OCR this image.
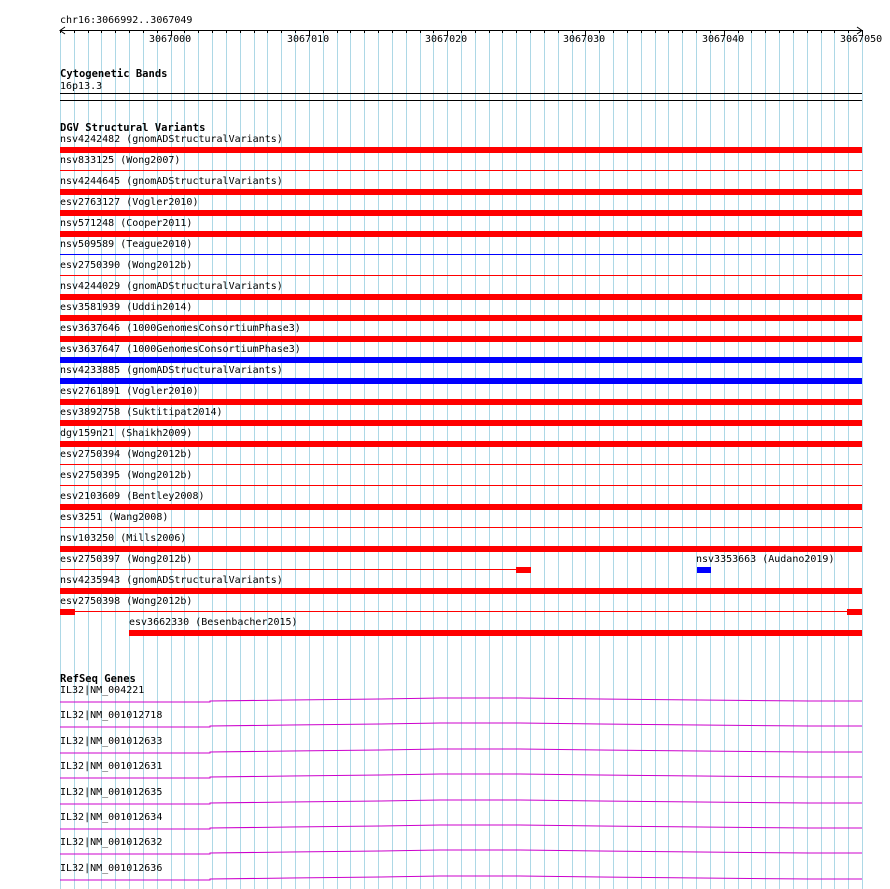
chr16:3066992..3067049
Cytogenetic Bands
16p13.3
DGV Structural Variants
nsv4242482 (gnomADStructuralVariants)
nsv833125 (Wong2007)
nsv4244645 (gnomADStructuralVariants)
esv2763127 (Vogler2010)
nsv571248 (Cooper2011)
nsv509589 (Teague2010)
esv2750390 (Wong2012b)
nsv4244029 (gnomADStructuralVariants)
esv3581939 (Uddin2014)
esv3637646 (1000GenomesConsortiumPhase3)
esv3637647 (1000GenomesConsortiumPhase3)
nsv4233885 (gnomADStructuralVariants)
esv2761891 (Vogler2010)
esv3892758 (Suktitipat2014)
dgv159n21 (Shaikh2009)
esv2750394 (Wong2012b)
esv2750395 (Wong2012b)
esv2103609 (Bentley2008)
esv3251 (Wang2008)
nsv103250 (Mills2006)
esv2750397 (Wong2012b)	nsv3353663 (Audano2019)
nsv4235943 (gnomADStructuralVariants)
esv2750398 (Wong2012b)
esv3662330 (Besenbacher2015)
RefSeq Genes
IL32|NM_004221
IL32|NM_001012718
IL32|NM_001012633
IL32|NM_001012631
IL32|NM_001012635
IL32|NM_001012634
IL32|NM_001012632
IL32|NM_001012636
3067000	3067010	3067020	3067030	3067040	3067050
